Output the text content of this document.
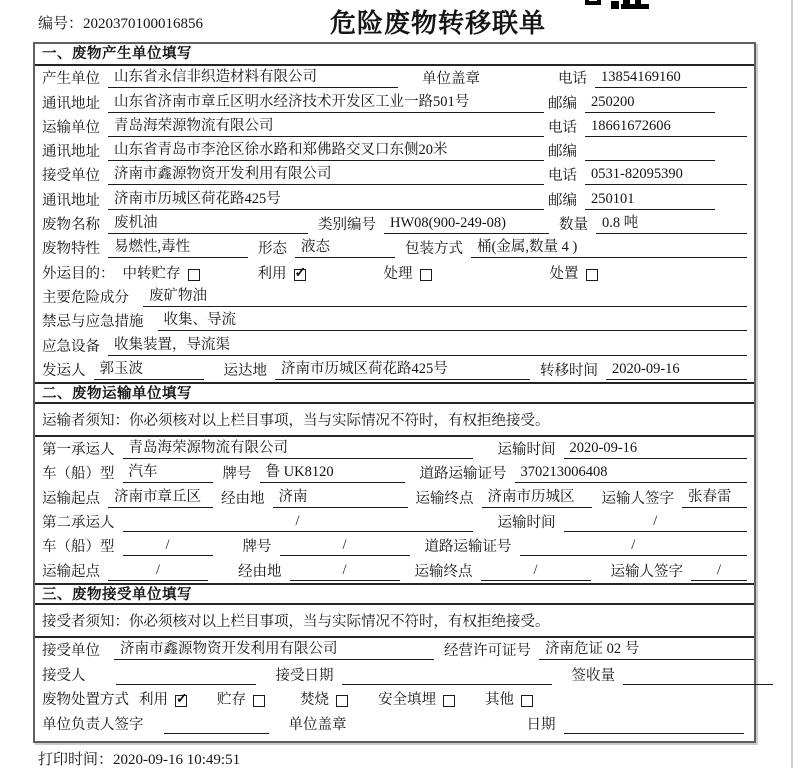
编号：2020370100016856	危险废物转移联单
一、废物产生单位填写
产生单位 山东省永信非织造材料有限公司	单位盖章	电话 13854169160
通讯地址 山东省济南市章丘区明水经济技术开发区工业一路501号	邮编 250200
运输单位 青岛海荣源物流有限公司	电话 18661672606
通讯地址 山东省青岛市李沧区徐水路和郑佛路交叉口东侧20米	邮编
接受单位 济南市鑫源物资开发利用有限公司	电话 0531-82095390
通讯地址 济南市历城区荷花路425号	邮编 250101
废物名称 废机油	类别编号 HW08(900-249-08)	数量 0.8 吨
废物特性 易燃性,毒性	形态 液态	包装方式 桶(金属,数量 4 )
外运目的： 中转贮存	利用 ✓	处理	处置
主要危险成分	废矿物油
禁忌与应急措施	收集、导流
应急设备 收集装置，导流渠
发运人 郭玉波	运达地 济南市历城区荷花路425号	转移时间 2020-09-16
二、废物运输单位填写
运输者须知：你必须核对以上栏目事项，当与实际情况不符时，有权拒绝接受。
第一承运人 青岛海荣源物流有限公司	运输时间 2020-09-16
车（船）型 汽车	牌号 鲁 UK8120	道路运输证号 370213006408
运输起点 济南市章丘区	经由地 济南	运输终点 济南市历城区	运输人签字 张春雷
第二承运人	/	运输时间	/
车（船）型	/	牌号	/	道路运输证号	/
运输起点	/	经由地	/	运输终点	/	运输人签字	/
三、废物接受单位填写
接受者须知：你必须核对以上栏目事项，当与实际情况不符时，有权拒绝接受。
接受单位	济南市鑫源物资开发利用有限公司	经营许可证号 济南危证 02 号
接受人	接受日期	签收量
废物处置方式 利用 ✓	贮存	焚烧	安全填埋	其他
单位负责人签字	单位盖章	日期
打印时间：2020-09-16 10:49:51
